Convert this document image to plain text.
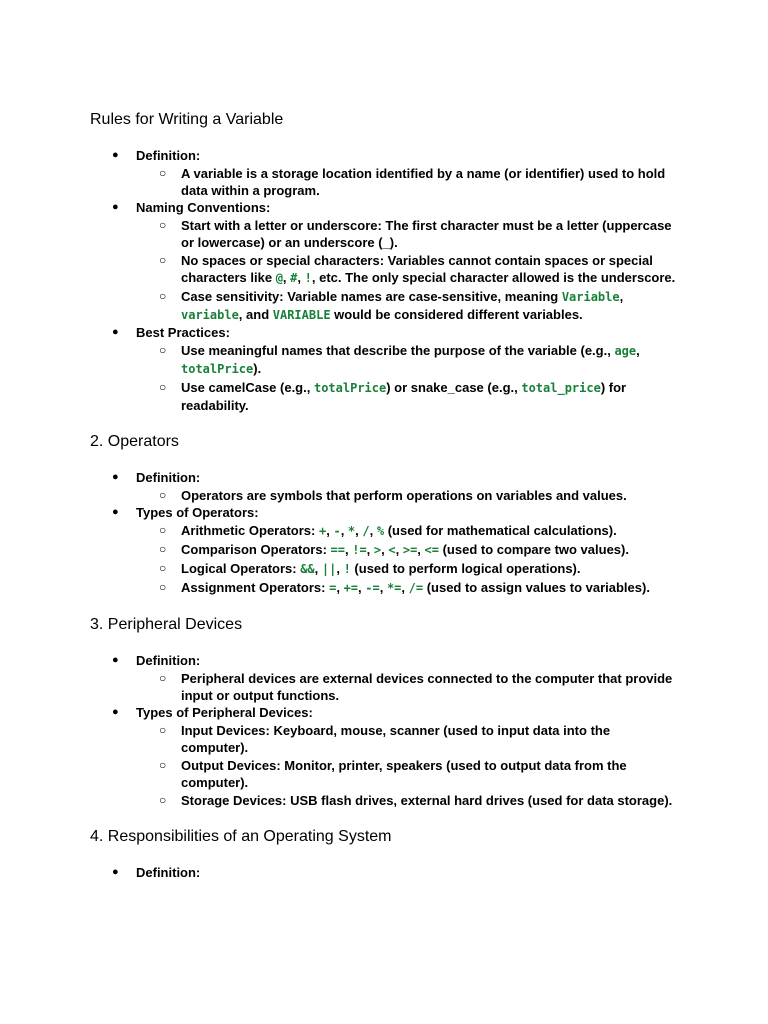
Rules for Writing a Variable
● Definition:
○ A variable is a storage location identified by a name (or identifier) used to hold data within a program.
● Naming Conventions:
○ Start with a letter or underscore: The first character must be a letter (uppercase or lowercase) or an underscore (_).
○ No spaces or special characters: Variables cannot contain spaces or special characters like @, #, !, etc. The only special character allowed is the underscore.
○ Case sensitivity: Variable names are case-sensitive, meaning Variable, variable, and VARIABLE would be considered different variables.
● Best Practices:
○ Use meaningful names that describe the purpose of the variable (e.g., age, totalPrice).
○ Use camelCase (e.g., totalPrice) or snake_case (e.g., total_price) for readability.
2. Operators
● Definition:
○ Operators are symbols that perform operations on variables and values.
● Types of Operators:
○ Arithmetic Operators: +, -, *, /, % (used for mathematical calculations).
○ Comparison Operators: ==, !=, >, <, >=, <= (used to compare two values).
○ Logical Operators: &&, ||, ! (used to perform logical operations).
○ Assignment Operators: =, +=, -=, *=, /= (used to assign values to variables).
3. Peripheral Devices
● Definition:
○ Peripheral devices are external devices connected to the computer that provide input or output functions.
● Types of Peripheral Devices:
○ Input Devices: Keyboard, mouse, scanner (used to input data into the computer).
○ Output Devices: Monitor, printer, speakers (used to output data from the computer).
○ Storage Devices: USB flash drives, external hard drives (used for data storage).
4. Responsibilities of an Operating System
● Definition:
